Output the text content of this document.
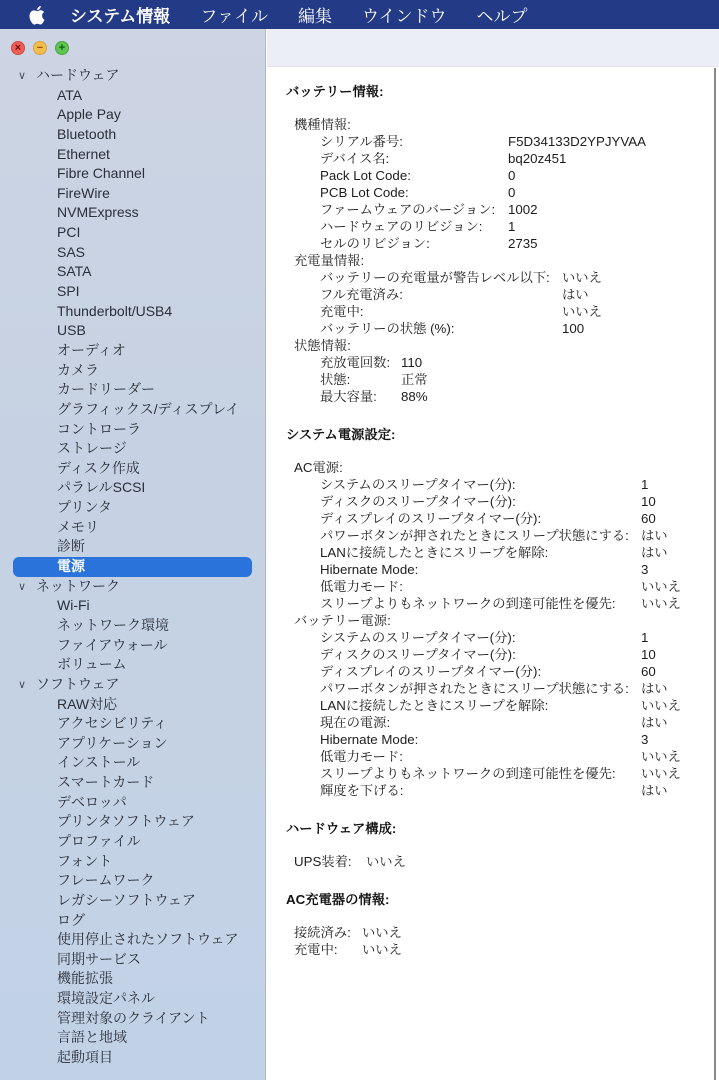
システム情報 ファイル 編集 ウインドウ ヘルプ
× − +
∨ ハードウェア
ATA
Apple Pay
Bluetooth
Ethernet
Fibre Channel
FireWire
NVMExpress
PCI
SAS
SATA
SPI
Thunderbolt/USB4
USB
オーディオ
カメラ
カードリーダー
グラフィックス/ディスプレイ
コントローラ
ストレージ
ディスク作成
パラレルSCSI
プリンタ
メモリ
診断
電源
∨ ネットワーク
Wi-Fi
ネットワーク環境
ファイアウォール
ボリューム
∨ ソフトウェア
RAW対応
アクセシビリティ
アプリケーション
インストール
スマートカード
デベロッパ
プリンタソフトウェア
プロファイル
フォント
フレームワーク
レガシーソフトウェア
ログ
使用停止されたソフトウェア
同期サービス
機能拡張
環境設定パネル
管理対象のクライアント
言語と地域
起動項目
バッテリー情報:
機種情報:
シリアル番号:	F5D34133D2YPJYVAA
デバイス名:	bq20z451
Pack Lot Code:	0
PCB Lot Code:	0
ファームウェアのバージョン: 1002
ハードウェアのリビジョン: 1
セルのリビジョン:	2735
充電量情報:
バッテリーの充電量が警告レベル以下: いいえ
フル充電済み:	はい
充電中:	いいえ
バッテリーの状態 (%):	100
状態情報:
充放電回数: 110
状態:	正常
最大容量: 88%
システム電源設定:
AC電源:
システムのスリープタイマー(分):	1
ディスクのスリープタイマー(分):	10
ディスプレイのスリープタイマー(分):	60
パワーボタンが押されたときにスリープ状態にする: はい
LANに接続したときにスリープを解除:	はい
Hibernate Mode:	3
低電力モード:	いいえ
スリープよりもネットワークの到達可能性を優先: いいえ
バッテリー電源:
システムのスリープタイマー(分):	1
ディスクのスリープタイマー(分):	10
ディスプレイのスリープタイマー(分):	60
パワーボタンが押されたときにスリープ状態にする: はい
LANに接続したときにスリープを解除:	いいえ
現在の電源:	はい
Hibernate Mode:	3
低電力モード:	いいえ
スリープよりもネットワークの到達可能性を優先: いいえ
輝度を下げる:	はい
ハードウェア構成:
UPS装着: いいえ
AC充電器の情報:
接続済み: いいえ
充電中: いいえ
